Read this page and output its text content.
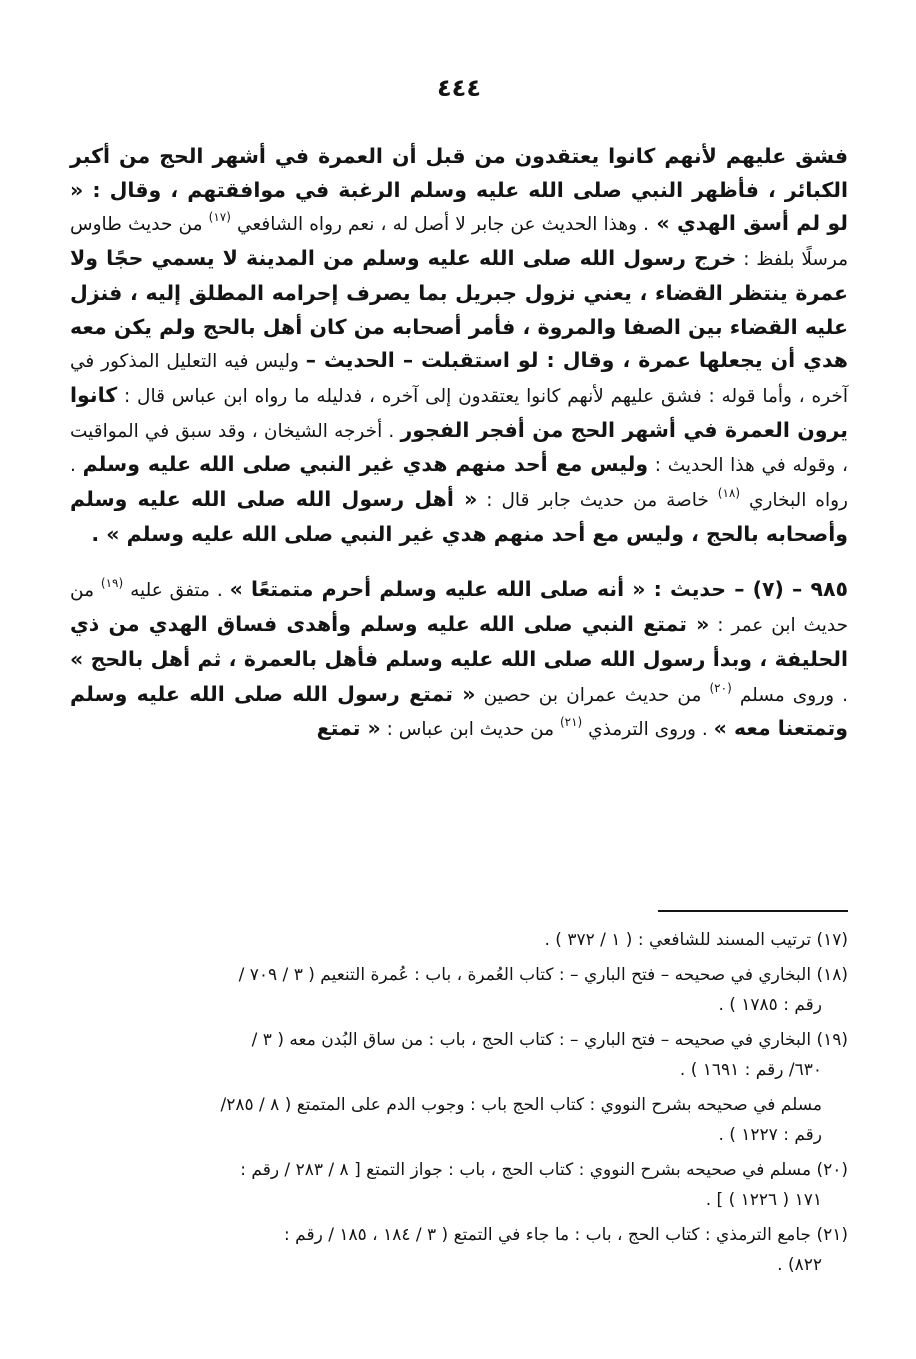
٤٤٤

فشق عليهم لأنهم كانوا يعتقدون من قبل أن العمرة في أشهر الحج من أكبر الكبائر ، فأظهر النبي صلى الله عليه وسلم الرغبة في موافقتهم ، وقال : « لو لم أسق الهدي » . وهذا الحديث عن جابر لا أصل له ، نعم رواه الشافعي $^{(١٧)}$ من حديث طاوس مرسلًا بلفظ : خرج رسول الله صلى الله عليه وسلم من المدينة لا يسمي حجًا ولا عمرة ينتظر القضاء ، يعني نزول جبريل بما يصرف إحرامه المطلق إليه ، فنزل عليه القضاء بين الصفا والمروة ، فأمر أصحابه من كان أهل بالحج ولم يكن معه هدي أن يجعلها عمرة ، وقال : لو استقبلت – الحديث – وليس فيه التعليل المذكور في آخره ، وأما قوله : فشق عليهم لأنهم كانوا يعتقدون إلى آخره ، فدليله ما رواه ابن عباس قال : كانوا يرون العمرة في أشهر الحج من أفجر الفجور . أخرجه الشيخان ، وقد سبق في المواقيت ، وقوله في هذا الحديث : وليس مع أحد منهم هدي غير النبي صلى الله عليه وسلم . رواه البخاري $^{(١٨)}$ خاصة من حديث جابر قال : « أهل رسول الله صلى الله عليه وسلم وأصحابه بالحج ، وليس مع أحد منهم هدي غير النبي صلى الله عليه وسلم » .

٩٨٥ – (٧) – حديث : « أنه صلى الله عليه وسلم أحرم متمتعًا » . متفق عليه $^{(١٩)}$ من حديث ابن عمر : « تمتع النبي صلى الله عليه وسلم وأهدى فساق الهدي من ذي الحليفة ، وبدأ رسول الله صلى الله عليه وسلم فأهل بالعمرة ، ثم أهل بالحج » . وروى مسلم $^{(٢٠)}$ من حديث عمران بن حصين « تمتع رسول الله صلى الله عليه وسلم وتمتعنا معه » . وروى الترمذي $^{(٢١)}$ من حديث ابن عباس : « تمتع

(١٧) ترتيب المسند للشافعي : ( ١ / ٣٧٢ ) .
(١٨) البخاري في صحيحه – فتح الباري – : كتاب العُمرة ، باب : عُمرة التنعيم ( ٣ / ٧٠٩ /
رقم : ١٧٨٥ ) .
(١٩) البخاري في صحيحه – فتح الباري – : كتاب الحج ، باب : من ساق البُدن معه ( ٣ /
٦٣٠/ رقم : ١٦٩١ ) .
مسلم في صحيحه بشرح النووي : كتاب الحج باب : وجوب الدم على المتمتع ( ٨ / ٢٨٥/
رقم : ١٢٢٧ ) .
(٢٠) مسلم في صحيحه بشرح النووي : كتاب الحج ، باب : جواز التمتع [ ٨ / ٢٨٣ / رقم :
١٧١ ( ١٢٢٦ ) ] .
(٢١) جامع الترمذي : كتاب الحج ، باب : ما جاء في التمتع ( ٣ / ١٨٤ ، ١٨٥ / رقم :
٨٢٢) .
